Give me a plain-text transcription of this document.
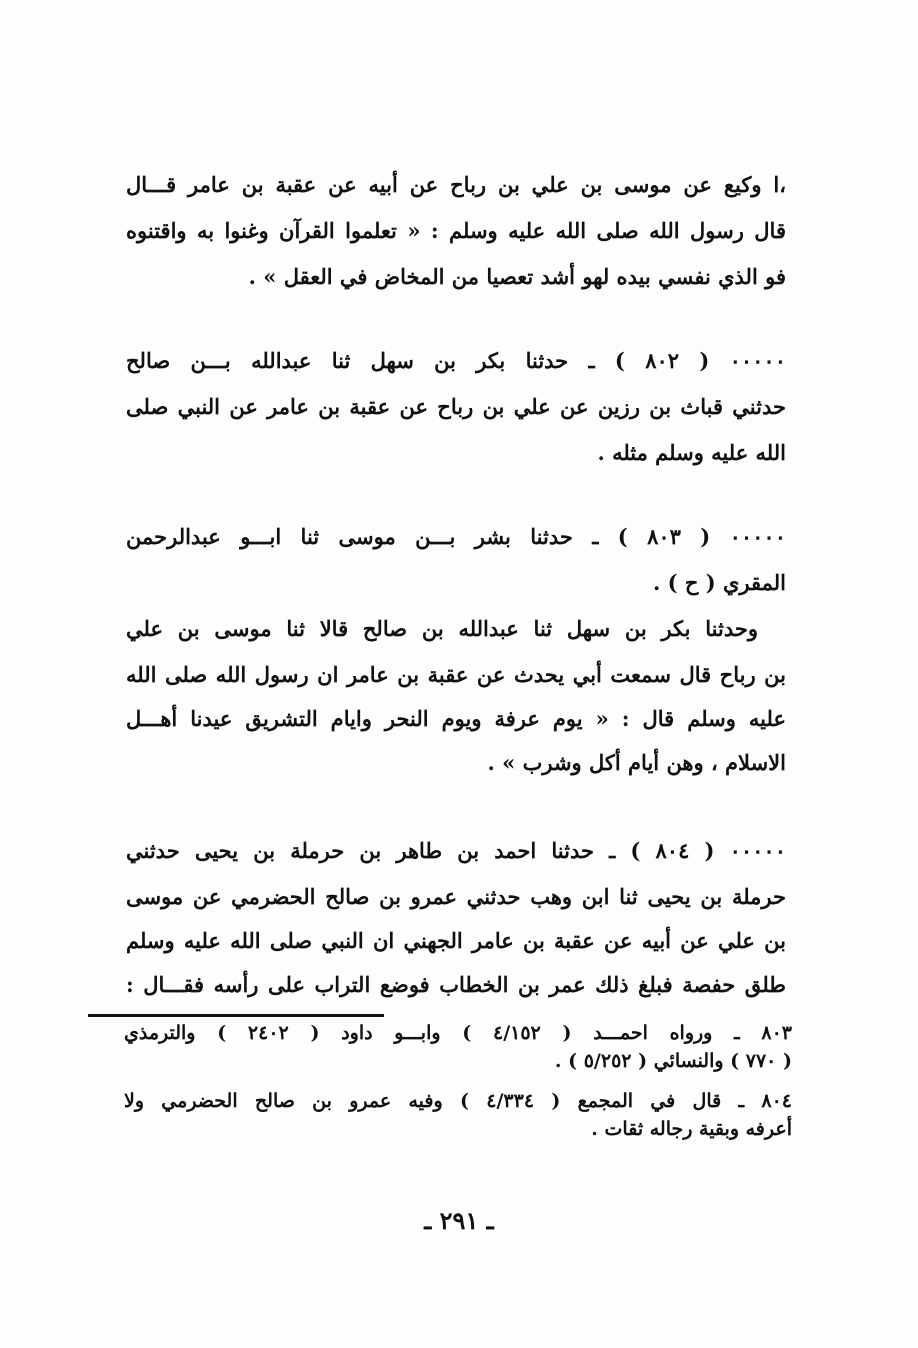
،ا وكيع عن موسى بن علي بن رباح عن أبيه عن عقبة بن عامر قـــال
قال رسول الله صلى الله عليه وسلم : « تعلموا القرآن وغنوا به واقتنوه
فو الذي نفسي بيده لهو أشد تعصيا من المخاض في العقل » .
٠٠٠٠٠ ( ٨٠٢ ) ـ حدثنا بكر بن سهل ثنا عبدالله بـــن صالح
حدثني قباث بن رزين عن علي بن رباح عن عقبة بن عامر عن النبي صلى
الله عليه وسلم مثله .
٠٠٠٠٠ ( ٨٠٣ ) ـ حدثنا بشر بـــن موسى ثنا ابـــو عبدالرحمن
المقري ( ح ) .
وحدثنا بكر بن سهل ثنا عبدالله بن صالح قالا ثنا موسى بن علي
بن رباح قال سمعت أبي يحدث عن عقبة بن عامر ان رسول الله صلى الله
عليه وسلم قال : « يوم عرفة ويوم النحر وايام التشريق عيدنا أهـــل
الاسلام ، وهن أيام أكل وشرب » .
٠٠٠٠٠ ( ٨٠٤ ) ـ حدثنا احمد بن طاهر بن حرملة بن يحيى حدثني
حرملة بن يحيى ثنا ابن وهب حدثني عمرو بن صالح الحضرمي عن موسى
بن علي عن أبيه عن عقبة بن عامر الجهني ان النبي صلى الله عليه وسلم
طلق حفصة فبلغ ذلك عمر بن الخطاب فوضع التراب على رأسه فقـــال :
٨٠٣ ـ ورواه احمـــد ( ٤/١٥٢ ) وابـــو داود ( ٢٤٠٢ ) والترمذي
( ٧٧٠ ) والنسائي ( ٥/٢٥٢ ) .
٨٠٤ ـ قال في المجمع ( ٤/٣٣٤ ) وفيه عمرو بن صالح الحضرمي ولا
أعرفه وبقية رجاله ثقات .
ـ ٢٩١ ـ
